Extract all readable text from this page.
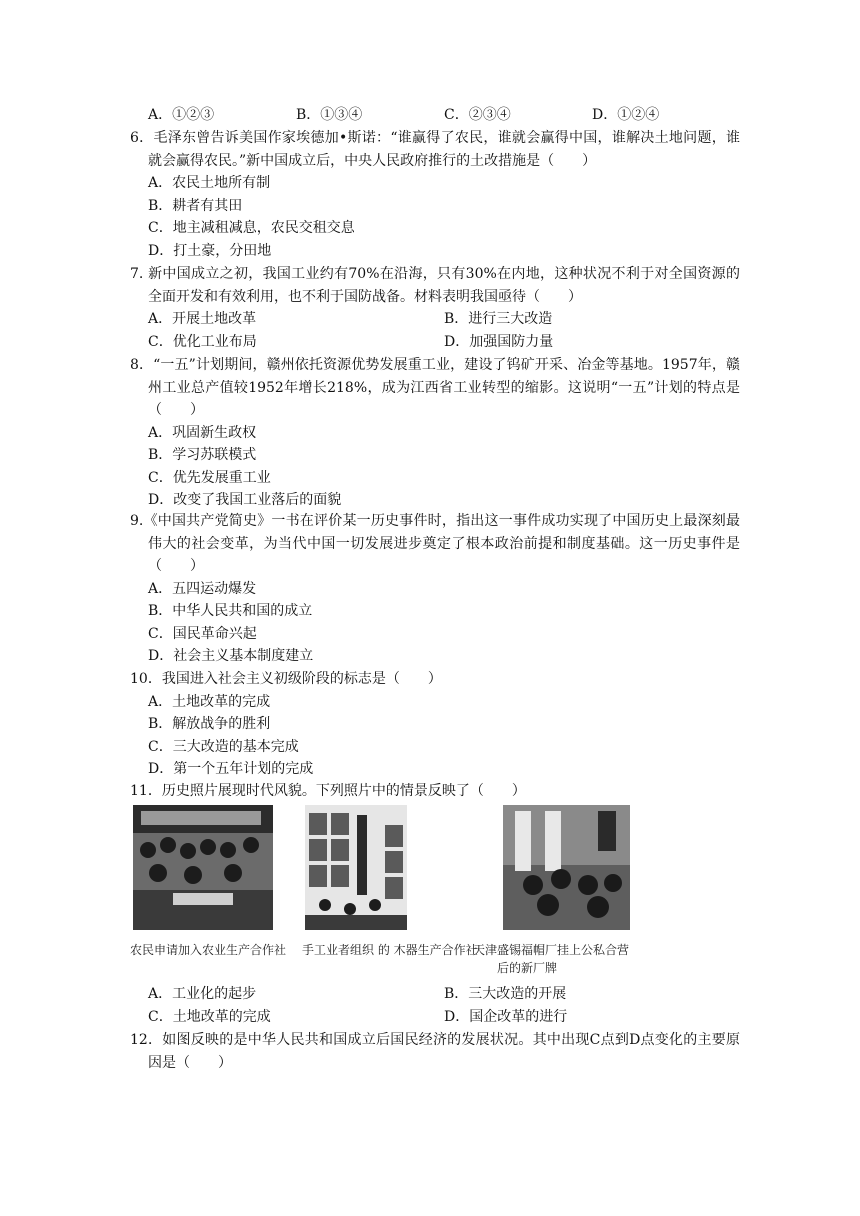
A．①②③	B．①③④	C．②③④	D．①②④

6．毛泽东曾告诉美国作家埃德加•斯诺：“谁赢得了农民，谁就会赢得中国，谁解决土地问题，谁就会赢得农民。”新中国成立后，中央人民政府推行的土改措施是（　　）

A．农民土地所有制
B．耕者有其田
C．地主减租减息，农民交租交息
D．打土豪，分田地

7. 新中国成立之初，我国工业约有70%在沿海，只有30%在内地，这种状况不利于对全国资源的全面开发和有效利用，也不利于国防战备。材料表明我国亟待（　　）

A．开展土地改革	B．进行三大改造
C．优化工业布局	D．加强国防力量

8．“一五”计划期间，赣州依托资源优势发展重工业，建设了钨矿开采、冶金等基地。1957年，赣州工业总产值较1952年增长218%，成为江西省工业转型的缩影。这说明“一五”计划的特点是（　　）

A．巩固新生政权
B．学习苏联模式
C．优先发展重工业
D．改变了我国工业落后的面貌

9.《中国共产党简史》一书在评价某一历史事件时，指出这一事件成功实现了中国历史上最深刻最伟大的社会变革，为当代中国一切发展进步奠定了根本政治前提和制度基础。这一历史事件是（　　）

A．五四运动爆发
B．中华人民共和国的成立
C．国民革命兴起
D．社会主义基本制度建立

10．我国进入社会主义初级阶段的标志是（　　）

A．土地改革的完成
B．解放战争的胜利
C．三大改造的基本完成
D．第一个五年计划的完成

11．历史照片展现时代风貌。下列照片中的情景反映了（　　）

农民申请加入农业生产合作社 手工业者组织 的 木器生产合作社
天津盛锡福帽厂挂上公私合营
后的新厂牌
A．工业化的起步	B．三大改造的开展
C．土地改革的完成	D．国企改革的进行

12．如图反映的是中华人民共和国成立后国民经济的发展状况。其中出现C点到D点变化的主要原因是（　　）
